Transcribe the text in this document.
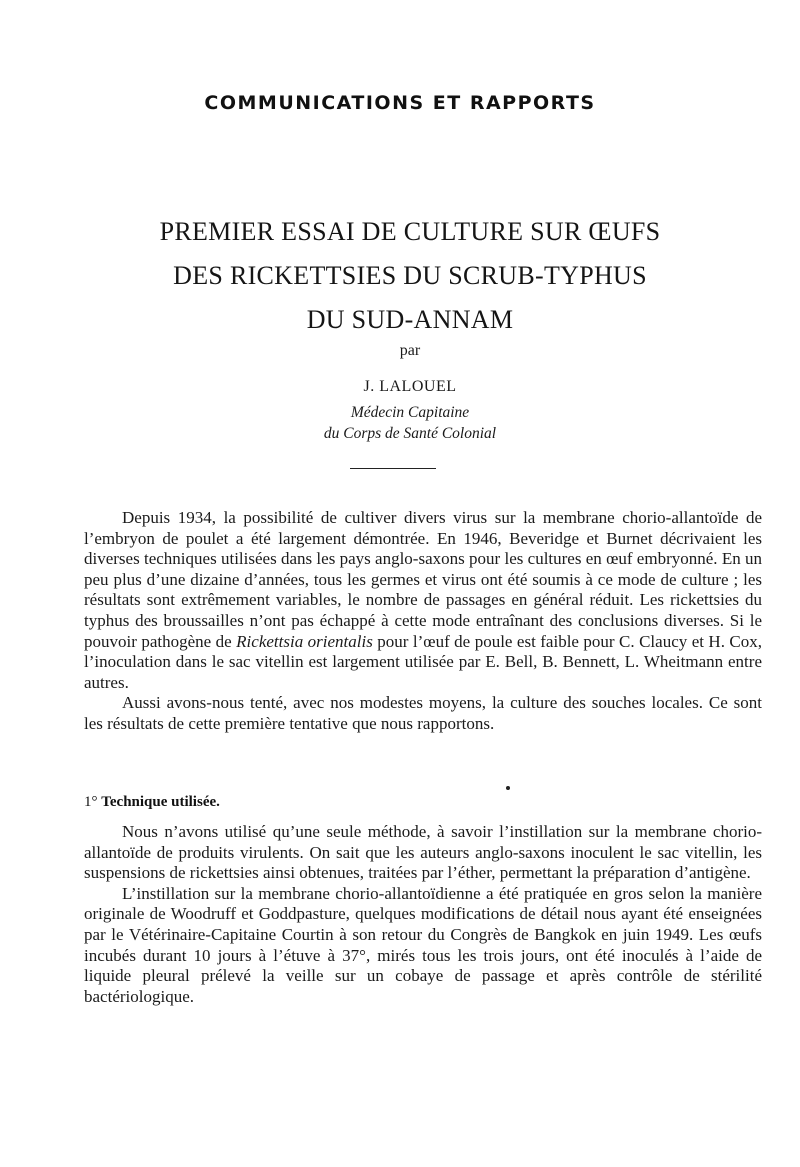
COMMUNICATIONS ET RAPPORTS
PREMIER ESSAI DE CULTURE SUR ŒUFS
DES RICKETTSIES DU SCRUB-TYPHUS
DU SUD-ANNAM
par
J. LALOUEL
Médecin Capitaine
du Corps de Santé Colonial

Depuis 1934, la possibilité de cultiver divers virus sur la membrane chorio-allantoïde de l’embryon de poulet a été largement démontrée. En 1946, Beveridge et Burnet décrivaient les diverses techniques utilisées dans les pays anglo-saxons pour les cultures en œuf embryonné. En un peu plus d’une dizaine d’années, tous les germes et virus ont été soumis à ce mode de culture ; les résultats sont extrêmement variables, le nombre de passages en général réduit. Les rickettsies du typhus des broussailles n’ont pas échappé à cette mode entraînant des conclusions diverses. Si le pouvoir pathogène de Rickettsia orientalis pour l’œuf de poule est faible pour C. Claucy et H. Cox, l’inoculation dans le sac vitellin est largement utilisée par E. Bell, B. Bennett, L. Wheitmann entre autres.

Aussi avons-nous tenté, avec nos modestes moyens, la culture des souches locales. Ce sont les résultats de cette première tentative que nous rapportons.

1° Technique utilisée.

Nous n’avons utilisé qu’une seule méthode, à savoir l’instillation sur la membrane chorio-allantoïde de produits virulents. On sait que les auteurs anglo-saxons inoculent le sac vitellin, les suspensions de rickettsies ainsi obtenues, traitées par l’éther, permettant la préparation d’antigène.

L’instillation sur la membrane chorio-allantoïdienne a été pratiquée en gros selon la manière originale de Woodruff et Goddpasture, quelques modifications de détail nous ayant été enseignées par le Vétérinaire-Capitaine Courtin à son retour du Congrès de Bangkok en juin 1949. Les œufs incubés durant 10 jours à l’étuve à 37°, mirés tous les trois jours, ont été inoculés à l’aide de liquide pleural prélevé la veille sur un cobaye de passage et après contrôle de stérilité bactériologique.
